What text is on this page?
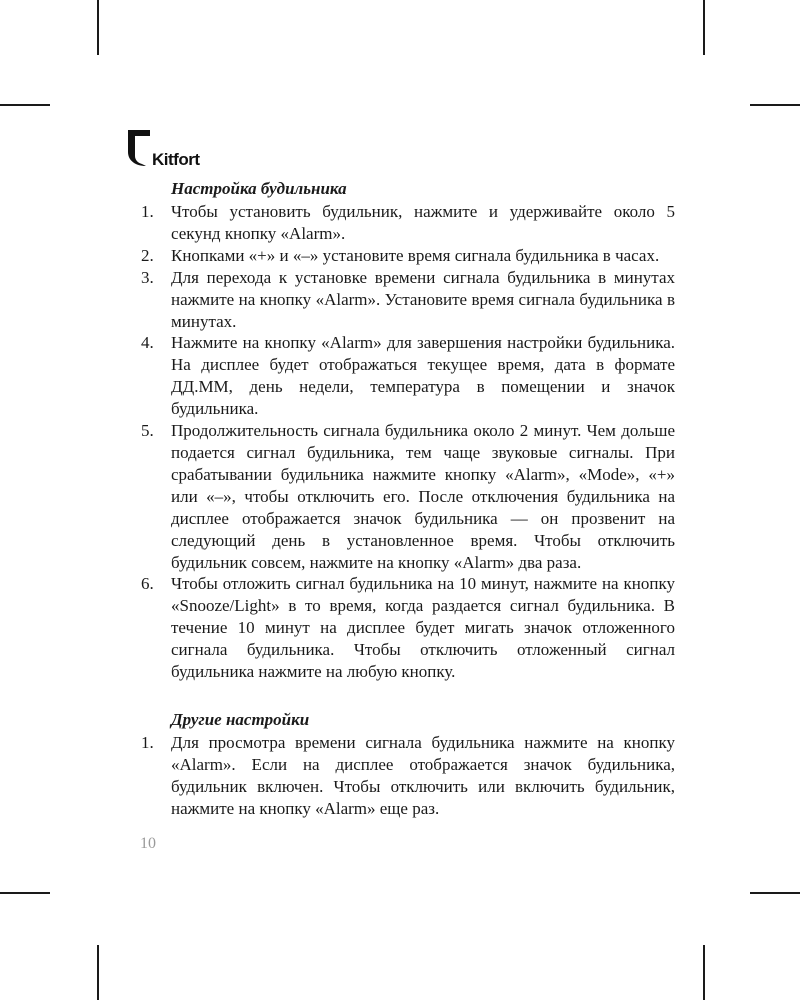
Kitfort
Настройка будильника
1. Чтобы установить будильник, нажмите и удерживайте около 5 секунд кнопку «Alarm».
2. Кнопками «+» и «–» установите время сигнала будильника в часах.
3. Для перехода к установке времени сигнала будильника в минутах нажмите на кнопку «Alarm». Установите время сигнала будильника в минутах.
4. Нажмите на кнопку «Alarm» для завершения настройки будильника. На дисплее будет отображаться текущее время, дата в формате ДД.ММ, день недели, температура в помещении и значок будильника.
5. Продолжительность сигнала будильника около 2 минут. Чем дольше подается сигнал будильника, тем чаще звуковые сигналы. При срабатывании будильника нажмите кнопку «Alarm», «Mode», «+» или «–», чтобы отключить его. После отключения будильника на дисплее отображается значок будильника — он прозвенит на следующий день в установленное время. Чтобы отключить будильник совсем, нажмите на кнопку «Alarm» два раза.
6. Чтобы отложить сигнал будильника на 10 минут, нажмите на кнопку «Snooze/Light» в то время, когда раздается сигнал будильника. В течение 10 минут на дисплее будет мигать значок отложенного сигнала будильника. Чтобы отключить отложенный сигнал будильника нажмите на любую кнопку.
Другие настройки
1. Для просмотра времени сигнала будильника нажмите на кнопку «Alarm». Если на дисплее отображается значок будильника, будильник включен. Чтобы отключить или включить будильник, нажмите на кнопку «Alarm» еще раз.
10
